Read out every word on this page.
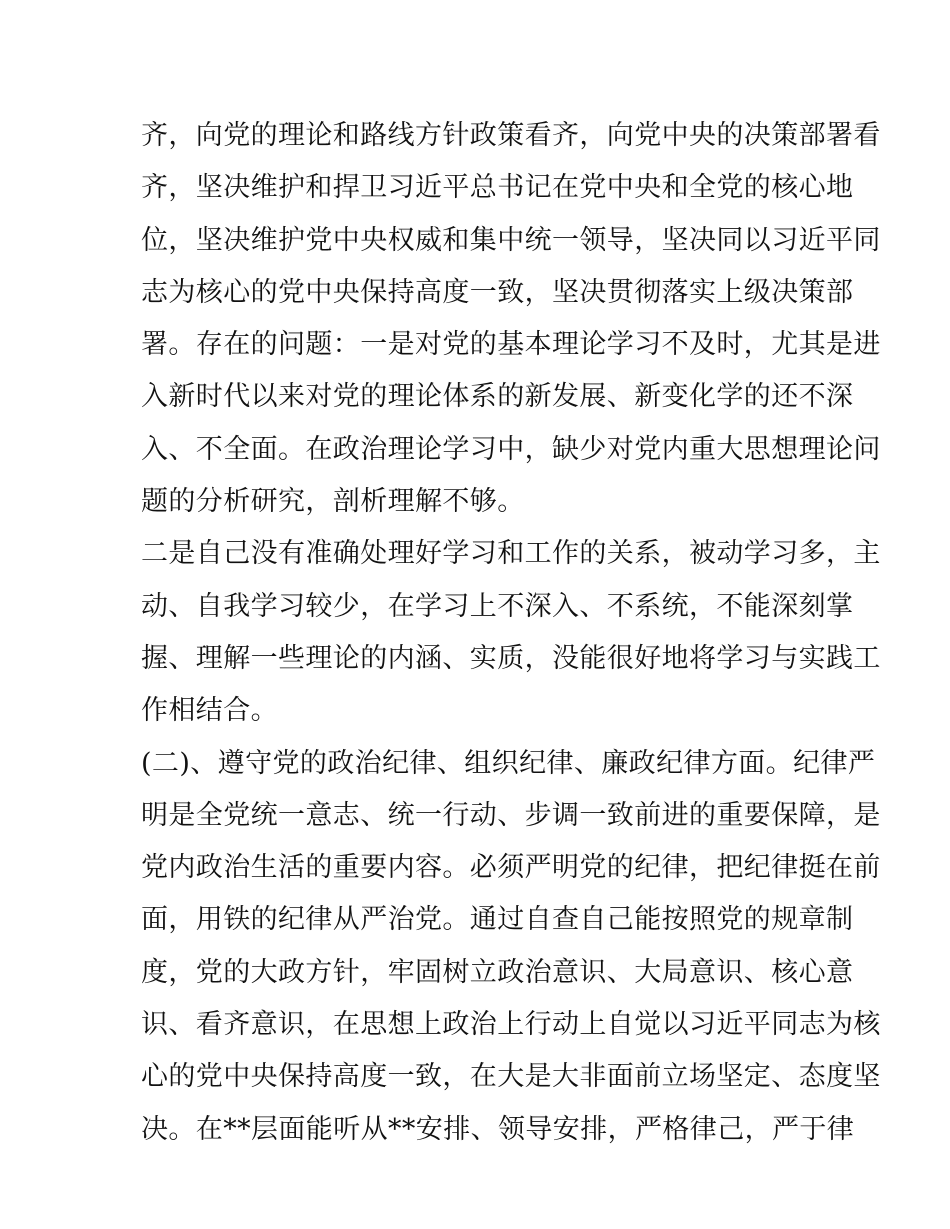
齐，向党的理论和路线方针政策看齐，向党中央的决策部署看
齐，坚决维护和捍卫习近平总书记在党中央和全党的核心地
位，坚决维护党中央权威和集中统一领导，坚决同以习近平同
志为核心的党中央保持高度一致，坚决贯彻落实上级决策部
署。存在的问题：一是对党的基本理论学习不及时，尤其是进
入新时代以来对党的理论体系的新发展、新变化学的还不深
入、不全面。在政治理论学习中，缺少对党内重大思想理论问
题的分析研究，剖析理解不够。
二是自己没有准确处理好学习和工作的关系，被动学习多，主
动、自我学习较少，在学习上不深入、不系统，不能深刻掌
握、理解一些理论的内涵、实质，没能很好地将学习与实践工
作相结合。
(二)、遵守党的政治纪律、组织纪律、廉政纪律方面。纪律严
明是全党统一意志、统一行动、步调一致前进的重要保障，是
党内政治生活的重要内容。必须严明党的纪律，把纪律挺在前
面，用铁的纪律从严治党。通过自查自己能按照党的规章制
度，党的大政方针，牢固树立政治意识、大局意识、核心意
识、看齐意识，在思想上政治上行动上自觉以习近平同志为核
心的党中央保持高度一致，在大是大非面前立场坚定、态度坚
决。在**层面能听从**安排、领导安排，严格律己，严于律
